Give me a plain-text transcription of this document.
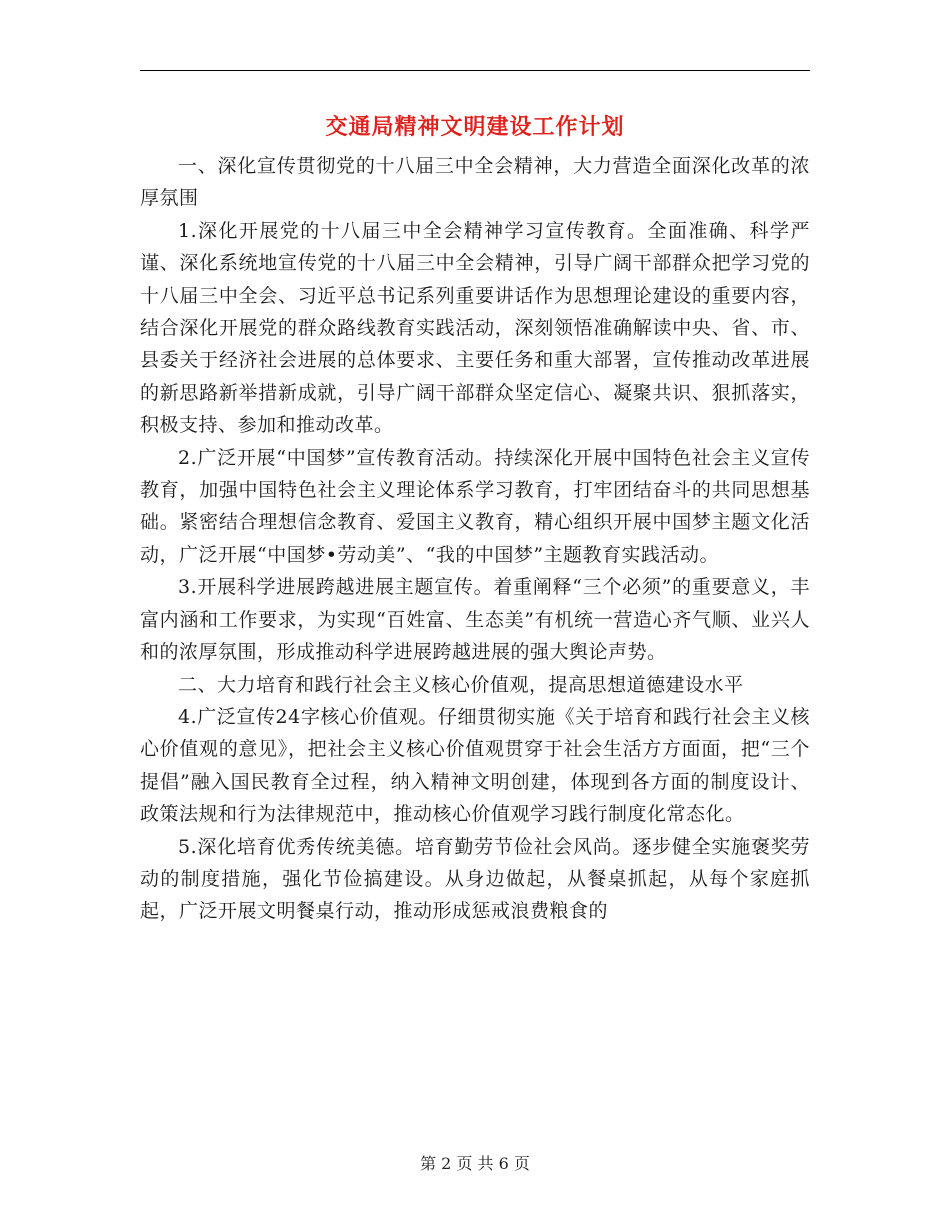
交通局精神文明建设工作计划

一、深化宣传贯彻党的十八届三中全会精神，大力营造全面深化改革的浓厚氛围

1.深化开展党的十八届三中全会精神学习宣传教育。全面准确、科学严谨、深化系统地宣传党的十八届三中全会精神，引导广阔干部群众把学习党的十八届三中全会、习近平总书记系列重要讲话作为思想理论建设的重要内容，结合深化开展党的群众路线教育实践活动，深刻领悟准确解读中央、省、市、县委关于经济社会进展的总体要求、主要任务和重大部署，宣传推动改革进展的新思路新举措新成就，引导广阔干部群众坚定信心、凝聚共识、狠抓落实，积极支持、参加和推动改革。

2.广泛开展“中国梦”宣传教育活动。持续深化开展中国特色社会主义宣传教育，加强中国特色社会主义理论体系学习教育，打牢团结奋斗的共同思想基础。紧密结合理想信念教育、爱国主义教育，精心组织开展中国梦主题文化活动，广泛开展“中国梦•劳动美”、“我的中国梦”主题教育实践活动。

3.开展科学进展跨越进展主题宣传。着重阐释“三个必须”的重要意义，丰富内涵和工作要求，为实现“百姓富、生态美”有机统一营造心齐气顺、业兴人和的浓厚氛围，形成推动科学进展跨越进展的强大舆论声势。

二、大力培育和践行社会主义核心价值观，提高思想道德建设水平

4.广泛宣传24字核心价值观。仔细贯彻实施《关于培育和践行社会主义核心价值观的意见》，把社会主义核心价值观贯穿于社会生活方方面面，把“三个提倡”融入国民教育全过程，纳入精神文明创建，体现到各方面的制度设计、政策法规和行为法律规范中，推动核心价值观学习践行制度化常态化。

5.深化培育优秀传统美德。培育勤劳节俭社会风尚。逐步健全实施褒奖劳动的制度措施，强化节俭搞建设。从身边做起，从餐桌抓起，从每个家庭抓起，广泛开展文明餐桌行动，推动形成惩戒浪费粮食的

第 2 页 共 6 页
